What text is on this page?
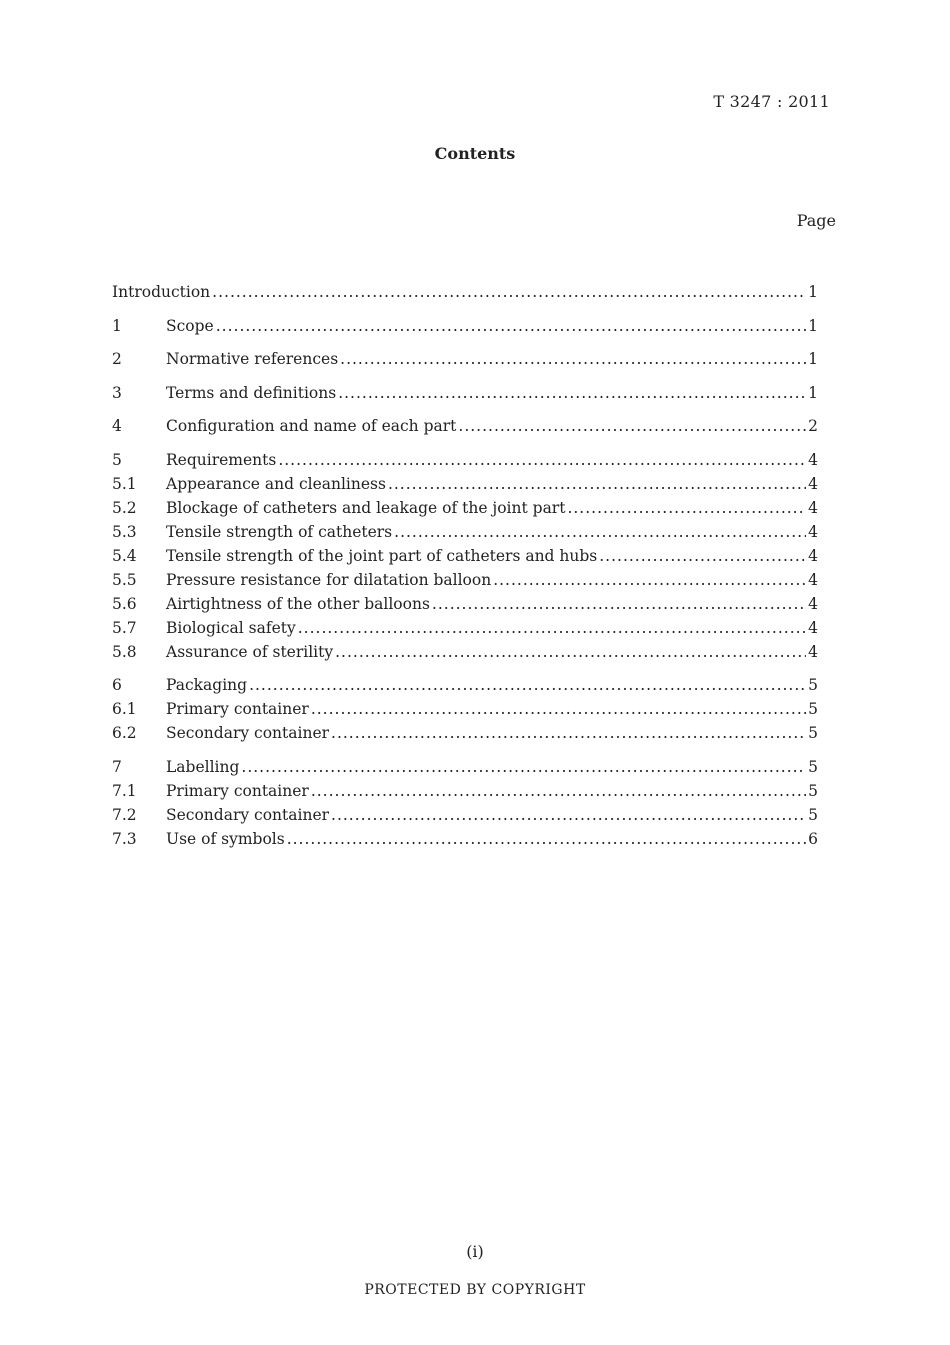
T 3247 : 2011
Contents
Page
Introduction .....	1
1	Scope .....	1
2	Normative references .....	1
3	Terms and definitions .....	1
4	Configuration and name of each part .....	2
5	Requirements .....	4
5.1	Appearance and cleanliness .....	4
5.2	Blockage of catheters and leakage of the joint part .....	4
5.3	Tensile strength of catheters .....	4
5.4	Tensile strength of the joint part of catheters and hubs .....	4
5.5	Pressure resistance for dilatation balloon .....	4
5.6	Airtightness of the other balloons .....	4
5.7	Biological safety .....	4
5.8	Assurance of sterility .....	4
6	Packaging .....	5
6.1	Primary container .....	5
6.2	Secondary container .....	5
7	Labelling .....	5
7.1	Primary container .....	5
7.2	Secondary container .....	5
7.3	Use of symbols .....	6
(i)
PROTECTED BY COPYRIGHT
